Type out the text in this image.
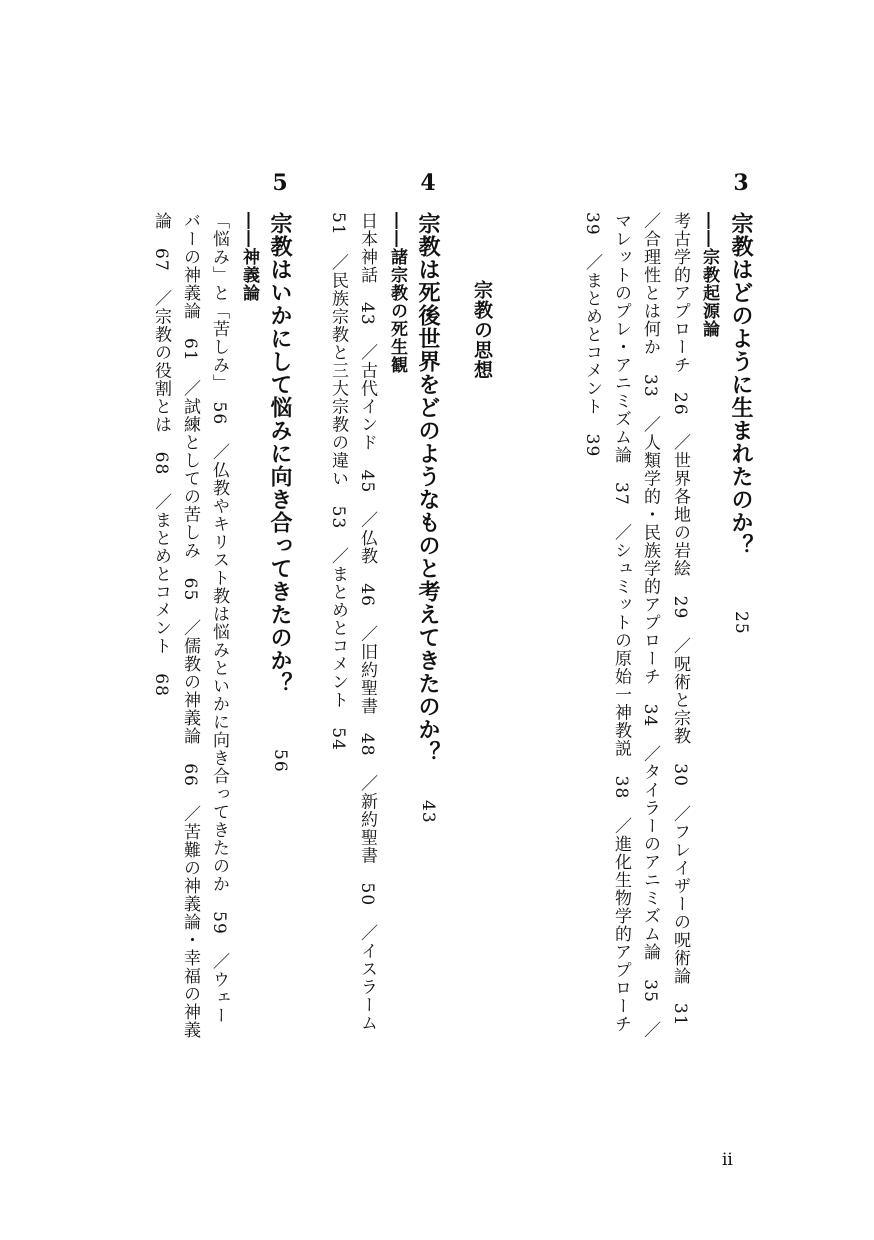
3
宗教はどのように生まれたのか？　　　25
――宗教起源論
考古学的アプローチ　26　／世界各地の岩絵　29　／呪術と宗教　30　／フレイザーの呪術論　31
／合理性とは何か　33　／人類学的・民族学的アプローチ　34　／タイラーのアニミズム論　35　／
マレットのプレ・アニミズム論　37　／シュミットの原始一神教説　38　／進化生物学的アプローチ
39　／まとめとコメント　39
宗教の思想
4
宗教は死後世界をどのようなものと考えてきたのか？　　43
――諸宗教の死生観
日本神話　43　／古代インド　45　／仏教　46　／旧約聖書　48　／新約聖書　50　／イスラーム
51　／民族宗教と三大宗教の違い　53　／まとめとコメント　54
5
宗教はいかにして悩みに向き合ってきたのか？　　　56
――神義論
「悩み」と「苦しみ」　56　／仏教やキリスト教は悩みといかに向き合ってきたのか　59　／ウェー
バーの神義論　61　／試練としての苦しみ　65　／儒教の神義論　66　／苦難の神義論・幸福の神義
論　67　／宗教の役割とは　68　／まとめとコメント　68
ii
